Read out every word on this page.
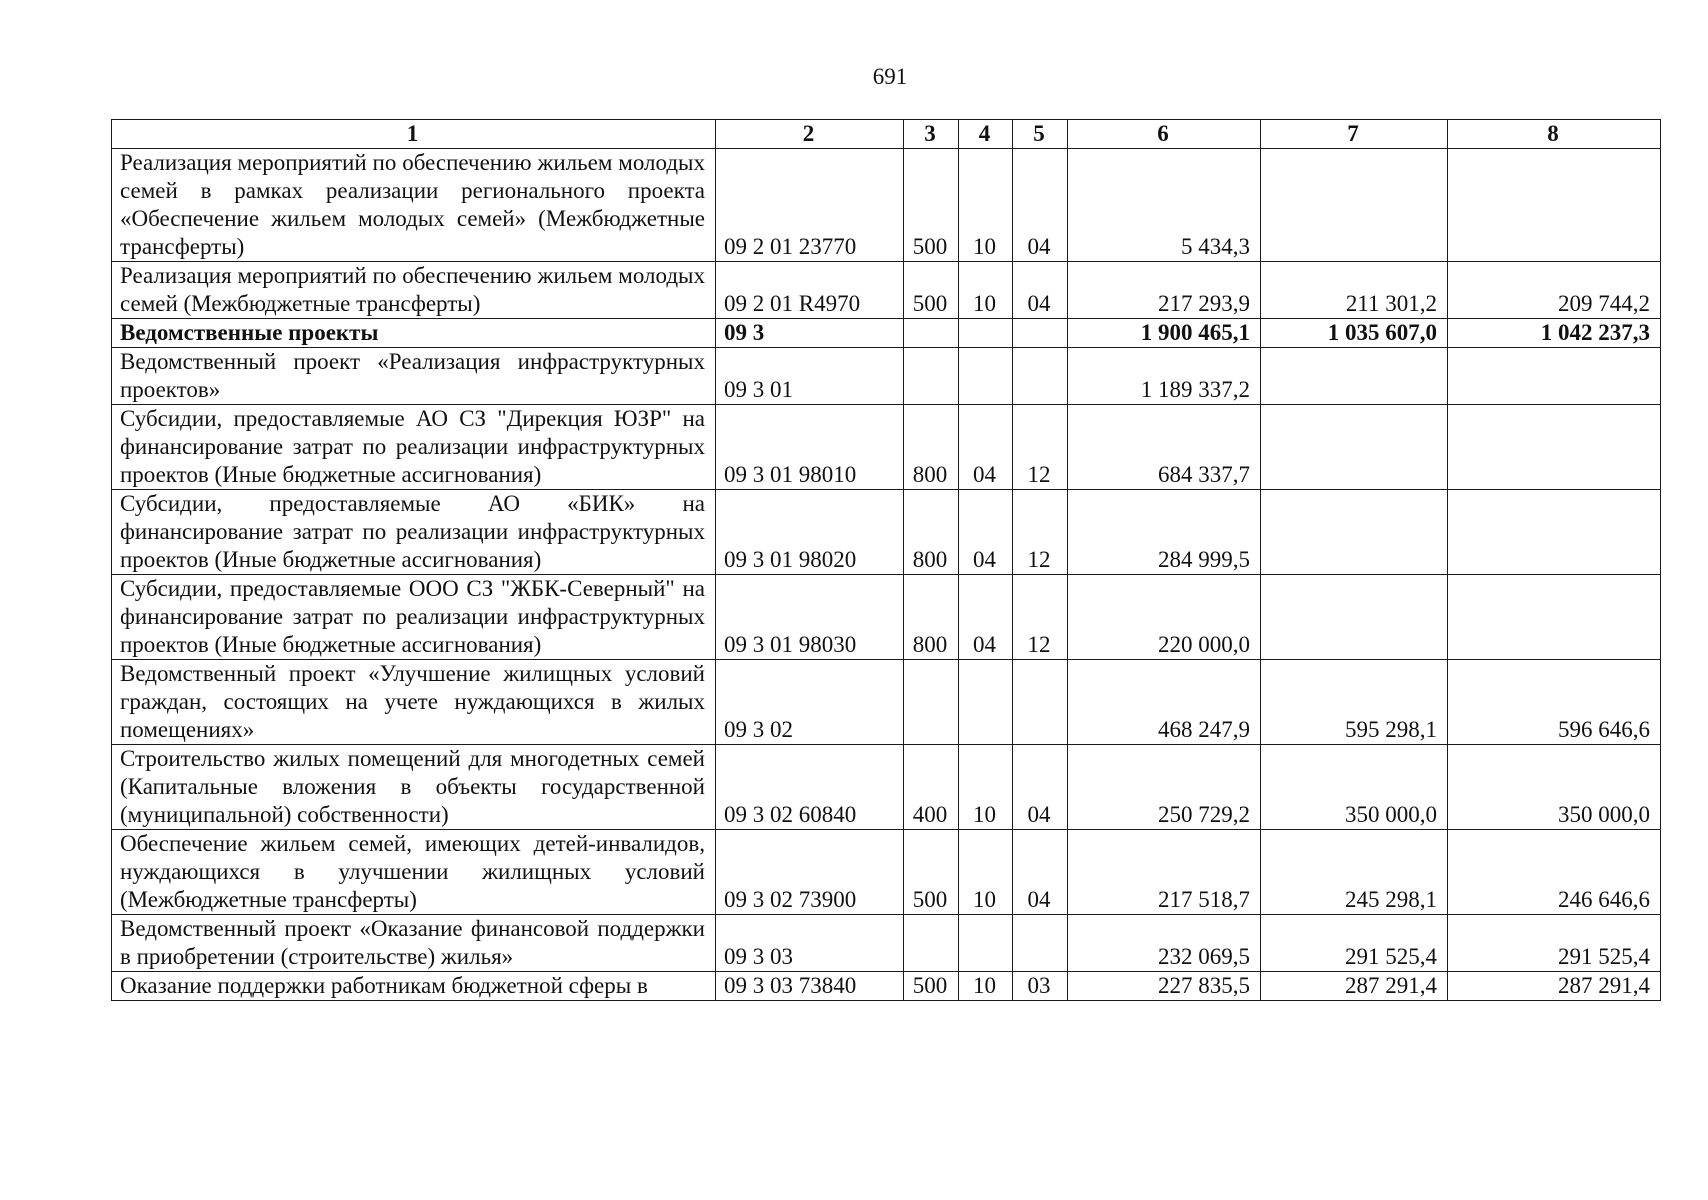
691
1	2	3	4	5	6	7	8
Реализация мероприятий по обеспечению жильем молодых семей в рамках реализации регионального проекта «Обеспечение жильем молодых семей» (Межбюджетные трансферты)	09 2 01 23770	500	10	04	5 434,3		
Реализация мероприятий по обеспечению жильем молодых семей (Межбюджетные трансферты)	09 2 01 R4970	500	10	04	217 293,9	211 301,2	209 744,2
Ведомственные проекты	09 3				1 900 465,1	1 035 607,0	1 042 237,3
Ведомственный проект «Реализация инфраструктурных проектов»	09 3 01				1 189 337,2		
Субсидии, предоставляемые АО СЗ "Дирекция ЮЗР" на финансирование затрат по реализации инфраструктурных проектов (Иные бюджетные ассигнования)	09 3 01 98010	800	04	12	684 337,7		
Субсидии, предоставляемые АО «БИК» на финансирование затрат по реализации инфраструктурных проектов (Иные бюджетные ассигнования)	09 3 01 98020	800	04	12	284 999,5		
Субсидии, предоставляемые ООО СЗ "ЖБК-Северный" на финансирование затрат по реализации инфраструктурных проектов (Иные бюджетные ассигнования)	09 3 01 98030	800	04	12	220 000,0		
Ведомственный проект «Улучшение жилищных условий граждан, состоящих на учете нуждающихся в жилых помещениях»	09 3 02				468 247,9	595 298,1	596 646,6
Строительство жилых помещений для многодетных семей (Капитальные вложения в объекты государственной (муниципальной) собственности)	09 3 02 60840	400	10	04	250 729,2	350 000,0	350 000,0
Обеспечение жильем семей, имеющих детей-инвалидов, нуждающихся в улучшении жилищных условий (Межбюджетные трансферты)	09 3 02 73900	500	10	04	217 518,7	245 298,1	246 646,6
Ведомственный проект «Оказание финансовой поддержки в приобретении (строительстве) жилья»	09 3 03				232 069,5	291 525,4	291 525,4
Оказание поддержки работникам бюджетной сферы в	09 3 03 73840	500	10	03	227 835,5	287 291,4	287 291,4
